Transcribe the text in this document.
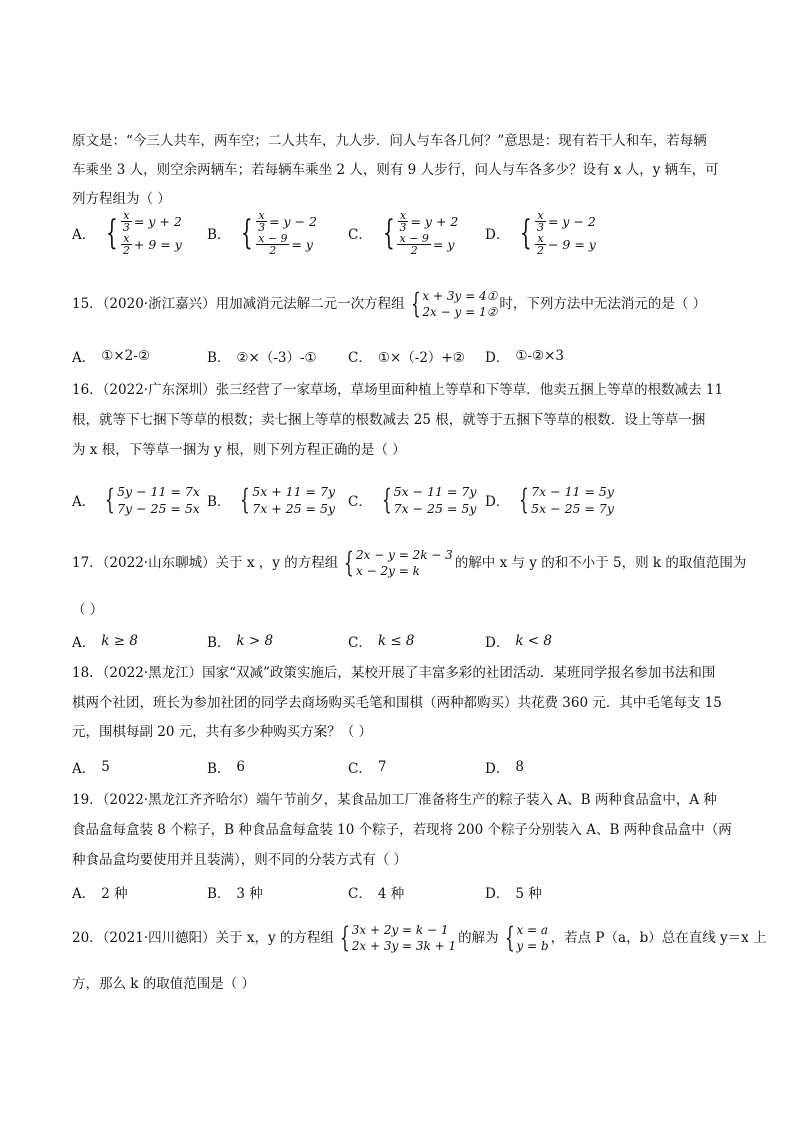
原文是：“今三人共车，两车空；二人共车，九人步．问人与车各几何？”意思是：现有若干人和车，若每辆
车乘坐 3 人，则空余两辆车；若每辆车乘坐 2 人，则有 9 人步行，问人与车各多少？设有 x 人，y 辆车，可
列方程组为（ ）
A． { $\frac{x}{3} = y + 2$
$\frac{x}{2} + 9 = y$
B． { $\frac{x}{3} = y - 2$
$\frac{x - 9}{2} = y$
C． { $\frac{x}{3} = y + 2$
$\frac{x - 9}{2} = y$
D． { $\frac{x}{3} = y - 2$
$\frac{x}{2} - 9 = y$
15．（2020·浙江嘉兴）用加减消元法解二元一次方程组 { x + 3y = 4①
2x − y = 1② 时，下列方法中无法消元的是（ ）
A． ①×2-②	B． ②×（-3）-① C． ①×（-2）+② D． ①-②×3
16．（2022·广东深圳）张三经营了一家草场，草场里面种植上等草和下等草．他卖五捆上等草的根数减去 11
根，就等下七捆下等草的根数；卖七捆上等草的根数减去 25 根，就等于五捆下等草的根数．设上等草一捆
为 x 根，下等草一捆为 y 根，则下列方程正确的是（ ）
A． { 5y − 11 = 7x
7y − 25 = 5x B． { 5x + 11 = 7y
7x + 25 = 5y C． { 5x − 11 = 7y
7x − 25 = 5y D． { 7x − 11 = 5y
5x − 25 = 7y
17．（2022·山东聊城）关于 x ，y 的方程组 { 2x − y = 2k − 3
x − 2y = k	的解中 x 与 y 的和不小于 5，则 k 的取值范围为
（ ）
A． k ≥ 8	B． k > 8	C． k ≤ 8	D． k < 8
18．（2022·黑龙江）国家“双减”政策实施后，某校开展了丰富多彩的社团活动．某班同学报名参加书法和围
棋两个社团，班长为参加社团的同学去商场购买毛笔和围棋（两种都购买）共花费 360 元．其中毛笔每支 15
元，围棋每副 20 元，共有多少种购买方案？（ ）
A． 5	B． 6	C． 7	D． 8
19．（2022·黑龙江齐齐哈尔）端午节前夕，某食品加工厂准备将生产的粽子装入 A、B 两种食品盒中，A 种
食品盒每盒装 8 个粽子，B 种食品盒每盒装 10 个粽子，若现将 200 个粽子分别装入 A、B 两种食品盒中（两
种食品盒均要使用并且装满），则不同的分装方式有（ ）
A． 2 种	B． 3 种	C． 4 种	D． 5 种
20．（2021·四川德阳）关于 x，y 的方程组 { 3x + 2y = k − 1
2x + 3y = 3k + 1 的解为 { x = a
y = b ，若点 P（a，b）总在直线 y＝x 上
方，那么 k 的取值范围是（ ）
